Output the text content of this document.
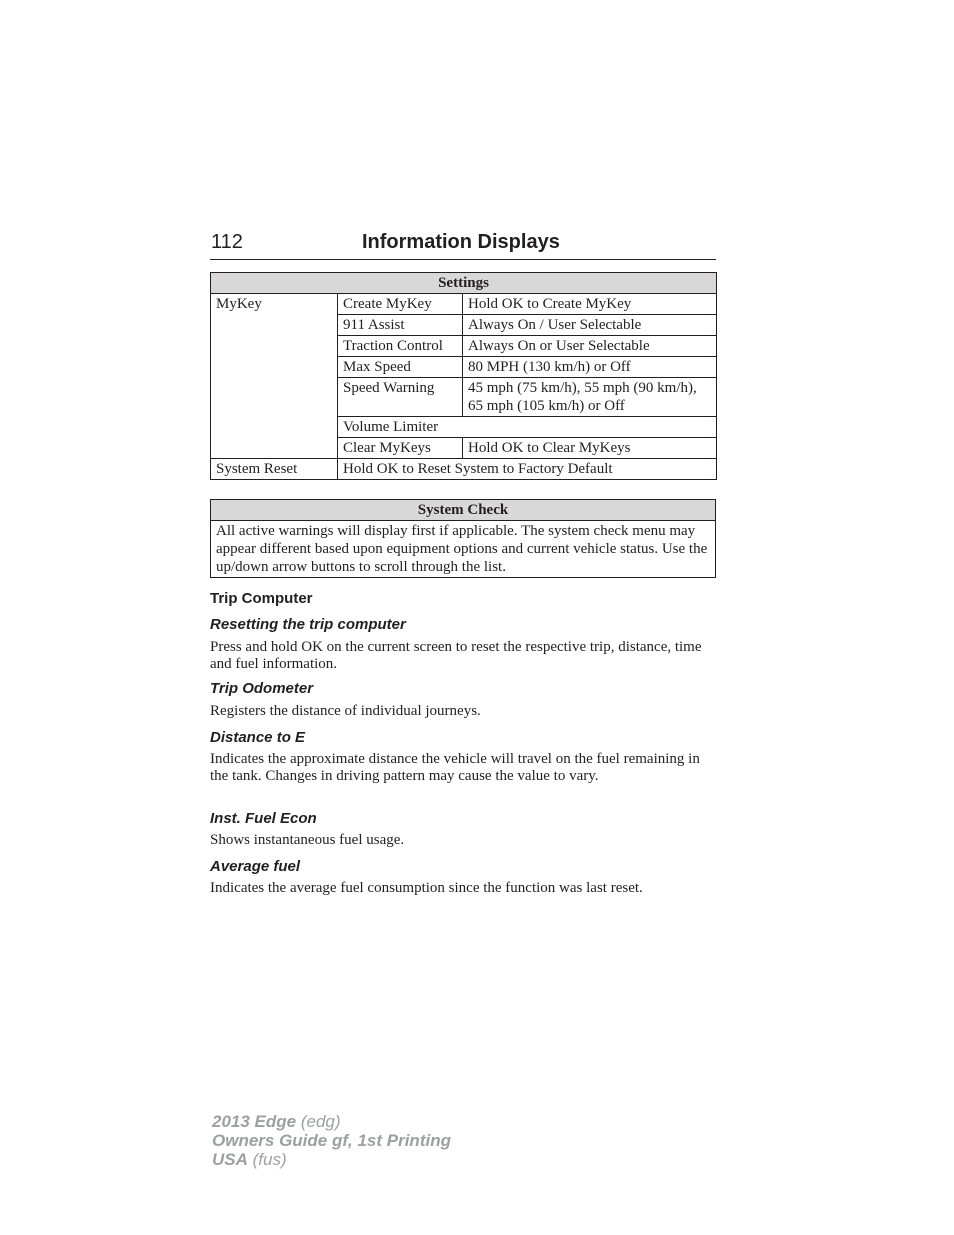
112	Information Displays
Settings		
MyKey	Create MyKey	Hold OK to Create MyKey
	911 Assist	Always On / User Selectable
	Traction Control	Always On or User Selectable
	Max Speed	80 MPH (130 km/h) or Off
	Speed Warning	45 mph (75 km/h), 55 mph (90 km/h), 65 mph (105 km/h) or Off
	Volume Limiter	
	Clear MyKeys	Hold OK to Clear MyKeys
System Reset	Hold OK to Reset System to Factory Default	
System Check
All active warnings will display first if applicable. The system check menu may appear different based upon equipment options and current vehicle status. Use the up/down arrow buttons to scroll through the list.
Trip Computer
Resetting the trip computer
Press and hold OK on the current screen to reset the respective trip, distance, time and fuel information.
Trip Odometer
Registers the distance of individual journeys.
Distance to E
Indicates the approximate distance the vehicle will travel on the fuel remaining in the tank. Changes in driving pattern may cause the value to vary.
Inst. Fuel Econ
Shows instantaneous fuel usage.
Average fuel
Indicates the average fuel consumption since the function was last reset.
2013 Edge (edg)
Owners Guide gf, 1st Printing
USA (fus)
